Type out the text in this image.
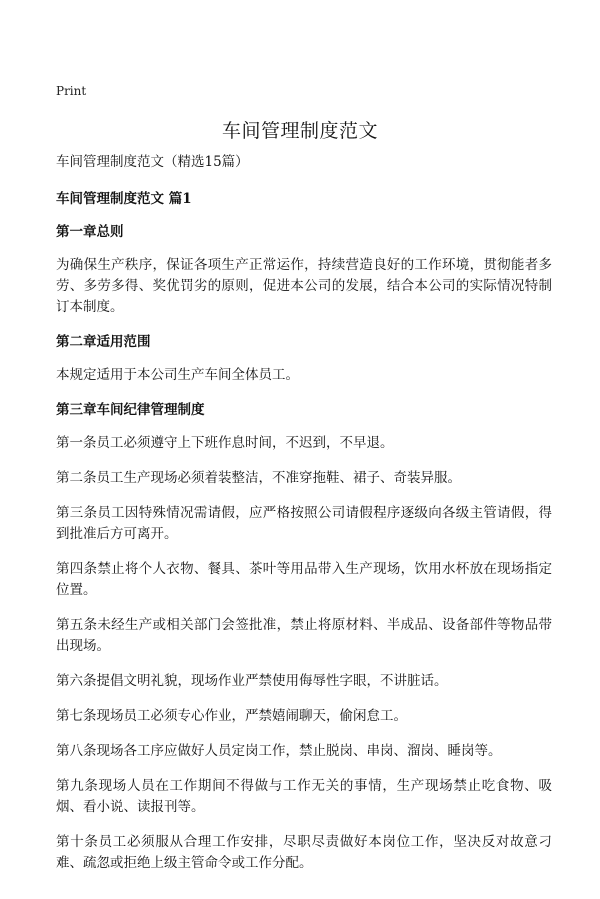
Print
车间管理制度范文
车间管理制度范文（精选15篇）
车间管理制度范文 篇1
第一章总则
为确保生产秩序，保证各项生产正常运作，持续营造良好的工作环境，贯彻能者多劳、多劳多得、奖优罚劣的原则，促进本公司的发展，结合本公司的实际情况特制订本制度。
第二章适用范围
本规定适用于本公司生产车间全体员工。
第三章车间纪律管理制度
第一条员工必须遵守上下班作息时间，不迟到，不早退。
第二条员工生产现场必须着装整洁，不准穿拖鞋、裙子、奇装异服。
第三条员工因特殊情况需请假，应严格按照公司请假程序逐级向各级主管请假，得到批准后方可离开。
第四条禁止将个人衣物、餐具、茶叶等用品带入生产现场，饮用水杯放在现场指定位置。
第五条未经生产或相关部门会签批准，禁止将原材料、半成品、设备部件等物品带出现场。
第六条提倡文明礼貌，现场作业严禁使用侮辱性字眼，不讲脏话。
第七条现场员工必须专心作业，严禁嬉闹聊天，偷闲怠工。
第八条现场各工序应做好人员定岗工作，禁止脱岗、串岗、溜岗、睡岗等。
第九条现场人员在工作期间不得做与工作无关的事情，生产现场禁止吃食物、吸烟、看小说、读报刊等。
第十条员工必须服从合理工作安排，尽职尽责做好本岗位工作，坚决反对故意刁难、疏忽或拒绝上级主管命令或工作分配。
